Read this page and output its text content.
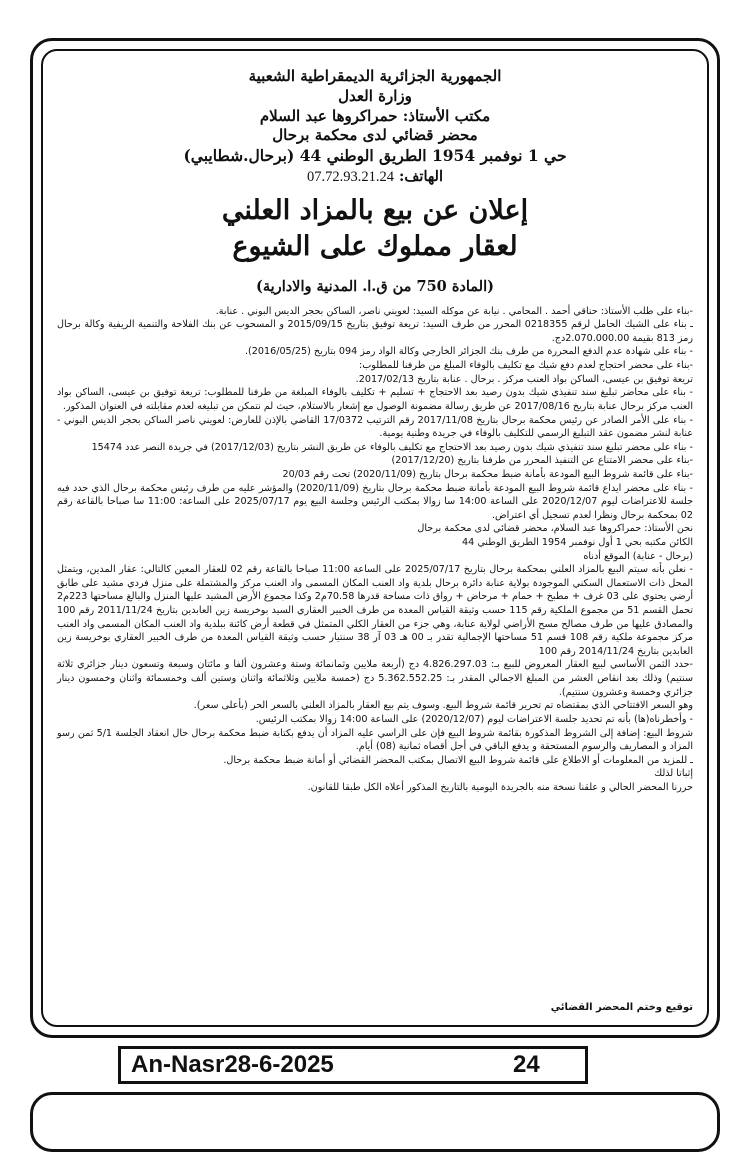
الجمهورية الجزائرية الديمقراطية الشعبية
وزارة العدل
مكتب الأستاذ: حمراكروها عبد السلام
محضر قضائي لدى محكمة برحال
حي 1 نوفمبر 1954 الطريق الوطني 44 (برحال.شطايبي)
الهاتف: 07.72.93.21.24
إعلان عن بيع بالمزاد العلني
لعقار مملوك على الشيوع
(المادة 750 من ق.ا. المدنية والادارية)

-بناء على طلب الأستاذ: حناقي أحمد . المحامي . نيابة عن موكله السيد: لعويني ناصر، الساكن بحجر الديس البوني . عنابة.

ـ بناء على الشيك الحامل لرقم 0218355 المحرر من طرف السيد: تريعة توفيق بتاريخ 2015/09/15 و المسحوب عن بنك الفلاحة والتنمية الريفية وكالة برحال رمز 813 بقيمة 2.070.000.00دج.

- بناء على شهادة عدم الدفع المحررة من طرف بنك الجزائر الخارجي وكالة الواد رمز 094 بتاريخ (2016/05/25).

-بناء على محضر احتجاج لعدم دفع شيك مع تكليف بالوفاء المبلغ من طرفنا للمطلوب:

تريعة توفيق بن عيسى، الساكن بواد العنب مركز . برحال . عنابة بتاريخ 2017/02/13.

- بناء على محاضر تبليغ سند تنفيذي شيك بدون رصيد بعد الاحتجاج + تسليم + تكليف بالوفاء المبلغة من طرفنا للمطلوب: تريعة توفيق بن عيسى، الساكن بواد العنب مركز برحال عنابة بتاريخ 2017/08/16 عن طريق رسالة مضمونة الوصول مع إشعار بالاستلام، حيث لم نتمكن من تبليغه لعدم مقابلته في العنوان المذكور.

- بناء على الأمر الصادر عن رئيس محكمة برحال بتاريخ 2017/11/08 رقم الترتيب 17/0372 القاضي بالإذن للعارض: لعويني ناصر الساكن بحجر الديس البوني - عنابة لنشر مضمون عقد التبليغ الرسمي للتكليف بالوفاء في جريدة وطنية يومية.

- بناء على محضر تبليغ سند تنفيذي شيك بدون رصيد بعد الاحتجاج مع تكليف بالوفاء عن طريق النشر بتاريخ (2017/12/03) في جريدة النصر عدد 15474

-بناء على محضر الامتناع عن التنفيذ المحرر من طرفنا بتاريخ (2017/12/20)

-بناء على قائمة شروط البيع المودعة بأمانة ضبط محكمة برحال بتاريخ (2020/11/09) تحت رقم 20/03

- بناء على محضر ايداع قائمة شروط البيع المودعة بأمانة ضبط محكمة برحال بتاريخ (2020/11/09) والمؤشر عليه من طرف رئيس محكمة برحال الذي حدد فيه جلسة للاعتراضات ليوم 2020/12/07 على الساعة 14:00 سا زوالا بمكتب الرئيس وجلسة البيع يوم 2025/07/17 على الساعة: 11:00 سا صباحا بالقاعة رقم 02 بمحكمة برحال ونظرا لعدم تسجيل أي اعتراض.

نحن الأستاذ: حمراكروها عبد السلام، محضر قضائي لدى محكمة برحال

الكائن مكتبه بحي 1 أول نوفمبر 1954 الطريق الوطني 44

(برحال - عنابة) الموقع أدناه

- نعلن بأنه سيتم البيع بالمزاد العلني بمحكمة برحال بتاريخ 2025/07/17 على الساعة 11:00 صباحا بالقاعة رقم 02 للعقار المعين كالتالي: عقار المدين، ويتمثل المحل ذات الاستعمال السكني الموجودة بولاية عنابة دائرة برحال بلدية واد العنب المكان المسمى واد العنب مركز والمشتملة على منزل فردي مشيد على طابق أرضي يحتوي على 03 غرف + مطبخ + حمام + مرحاض + رواق ذات مساحة قدرها 70.58م2 وكذا مجموع الأرض المشيد عليها المنزل والبالغ مساحتها 223م2 تحمل القسم 51 من مجموع الملكية رقم 115 حسب وثيقة القياس المعدة من طرف الخبير العقاري السيد بوخريسة زين العابدين بتاريخ 2011/11/24 رقم 100 والمصادق عليها من طرف مصالح مسح الأراضي لولاية عنابة، وهي جزء من العقار الكلي المتمثل في قطعة أرض كائنة ببلدية واد العنب المكان المسمى واد العنب مركز مجموعة ملكية رقم 108 قسم 51 مساحتها الإجمالية تقدر بـ 00 هـ 03 آر 38 سنتيار حسب وثيقة القياس المعدة من طرف الخبير العقاري بوخريسة زين العابدين بتاريخ 2014/11/24 رقم 100

-حدد الثمن الأساسي لبيع العقار المعروض للبيع بـ: 4.826.297.03 دج (أربعة ملايين وثمانمائة وستة وعشرون ألفا و مائتان وسبعة وتسعون دينار جزائري ثلاثة سنتيم) وذلك بعد انقاص العشر من المبلغ الاجمالي المقدر بـ: 5.362.552.25 دج (خمسة ملايين وثلاثمائة واثنان وستين ألف وخمسمائة واثنان وخمسون دينار جزائري وخمسة وعشرون سنتيم).

وهو السعر الافتتاحي الذي بمقتضاه تم تحرير قائمة شروط البيع. وسوف يتم بيع العقار بالمزاد العلني بالسعر الحر (بأعلى سعر).

- وأخطرناه(ها) بأنه تم تحديد جلسة الاعتراضات ليوم (2020/12/07) على الساعة 14:00 زوالا بمكتب الرئيس.

شروط البيع: إضافة إلى الشروط المذكورة بقائمة شروط البيع فإن على الراسي عليه المزاد أن يدفع بكتابة ضبط محكمة برحال حال انعقاد الجلسة 5/1 ثمن رسو المزاد و المصاريف والرسوم المستحقة و يدفع الباقي في أجل أقصاه ثمانية (08) أيام.

ـ للمزيد من المعلومات أو الاطلاع على قائمة شروط البيع الاتصال بمكتب المحضر القضائي أو أمانة ضبط محكمة برحال.

إثباتا لذلك

حررنا المحضر الحالي و علقنا نسخة منه بالجريدة اليومية بالتاريخ المذكور أعلاه الكل طبقا للقانون.

توقيع وختم المحضر القضائي
An-Nasr28-6-2025	24
